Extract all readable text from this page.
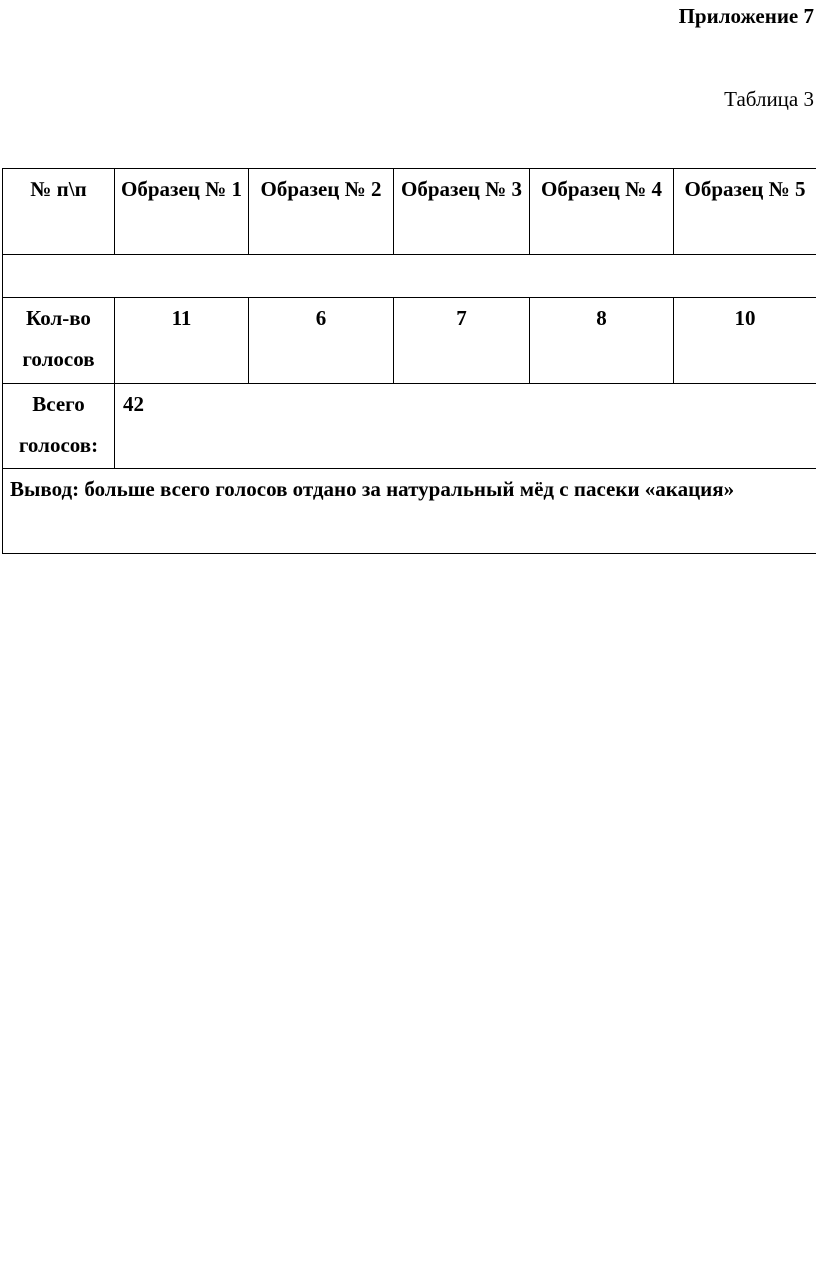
Приложение 7
Таблица 3
№ п\п	Образец № 1	Образец № 2	Образец № 3	Образец № 4	Образец № 5

Кол-во голосов	11	6	7	8	10
Всего голосов:	42				
Вывод: больше всего голосов отдано за натуральный мёд с пасеки «акация»					
